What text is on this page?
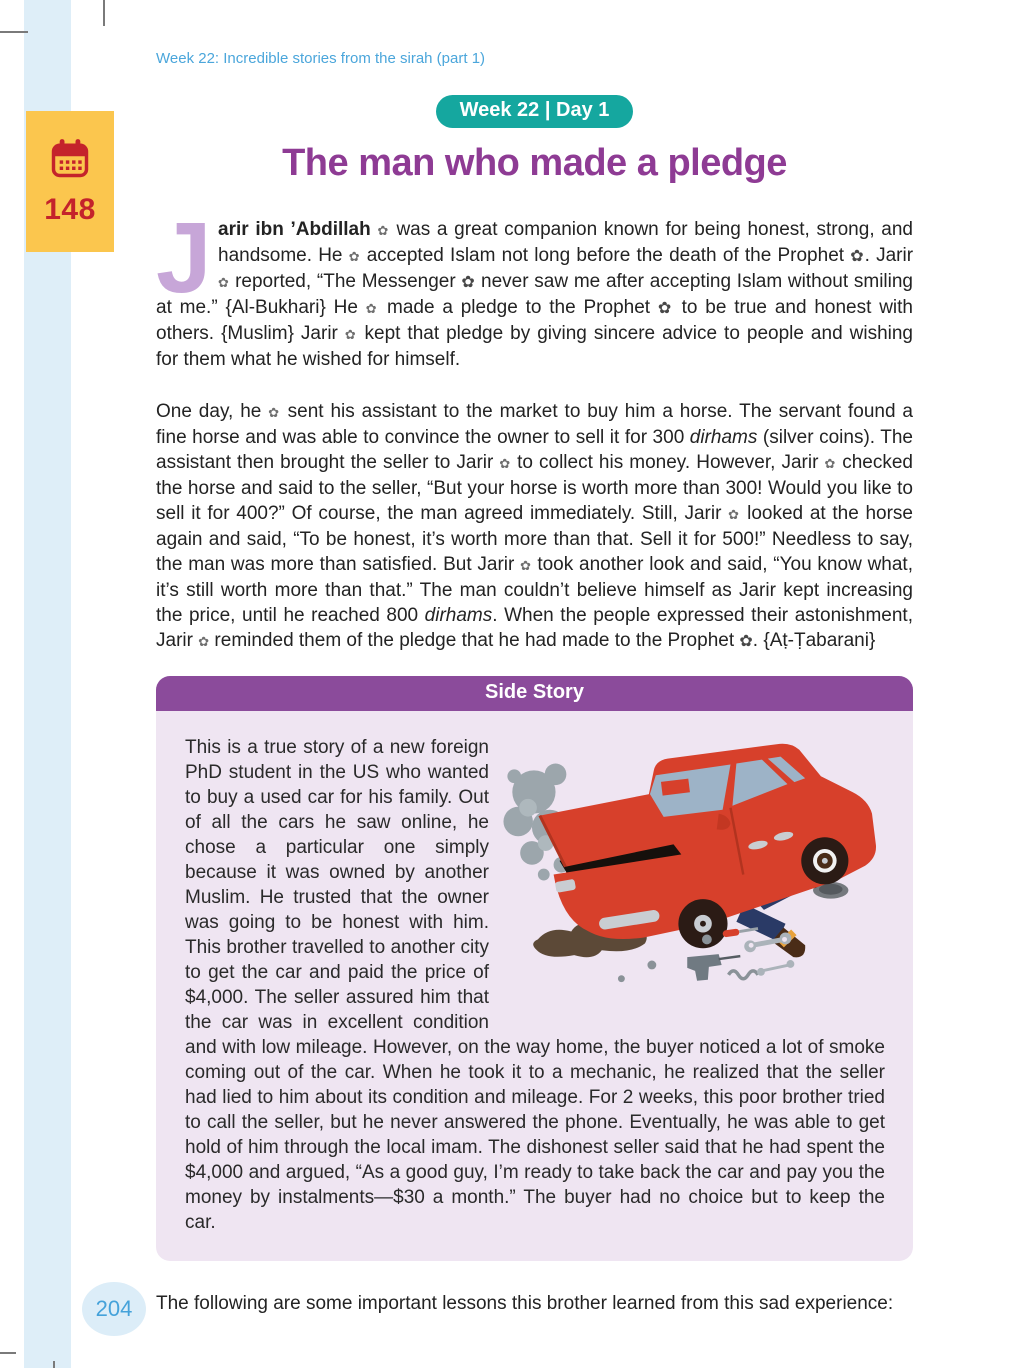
148
Week 22: Incredible stories from the sirah (part 1)
Week 22 | Day 1
The man who made a pledge

Jarir ibn ’Abdillah ✿ was a great companion known for being honest, strong, and handsome. He ✿ accepted Islam not long before the death of the Prophet ✿. Jarir ✿ reported, “The Messenger ✿ never saw me after accepting Islam without smiling at me.” {Al-Bukhari} He ✿ made a pledge to the Prophet ✿ to be true and honest with others. {Muslim} Jarir ✿ kept that pledge by giving sincere advice to people and wishing for them what he wished for himself.

One day, he ✿ sent his assistant to the market to buy him a horse. The servant found a fine horse and was able to convince the owner to sell it for 300 dirhams (silver coins). The assistant then brought the seller to Jarir ✿ to collect his money. However, Jarir ✿ checked the horse and said to the seller, “But your horse is worth more than 300! Would you like to sell it for 400?” Of course, the man agreed immediately. Still, Jarir ✿ looked at the horse again and said, “To be honest, it’s worth more than that. Sell it for 500!” Needless to say, the man was more than satisfied. But Jarir ✿ took another look and said, “You know what, it’s still worth more than that.” The man couldn’t believe himself as Jarir kept increasing the price, until he reached 800 dirhams. When the people expressed their astonishment, Jarir ✿ reminded them of the pledge that he had made to the Prophet ✿. {Aṭ-Ṭabarani}

Side Story
This is a true story of a new foreign PhD student in the US who wanted to buy a used car for his family. Out of all the cars he saw online, he chose a particular one simply because it was owned by another Muslim. He trusted that the owner was going to be honest with him. This brother travelled to another city to get the car and paid the price of $4,000. The seller assured him that the car was in excellent condition and with low mileage. However, on the way home, the buyer noticed a lot of smoke coming out of the car. When he took it to a mechanic, he realized that the seller had lied to him about its condition and mileage. For 2 weeks, this poor brother tried to call the seller, but he never answered the phone. Eventually, he was able to get hold of him through the local imam. The dishonest seller said that he had spent the $4,000 and argued, “As a good guy, I’m ready to take back the car and pay you the money by instalments—$30 a month.” The buyer had no choice but to keep the car.

The following are some important lessons this brother learned from this sad experience:

204
